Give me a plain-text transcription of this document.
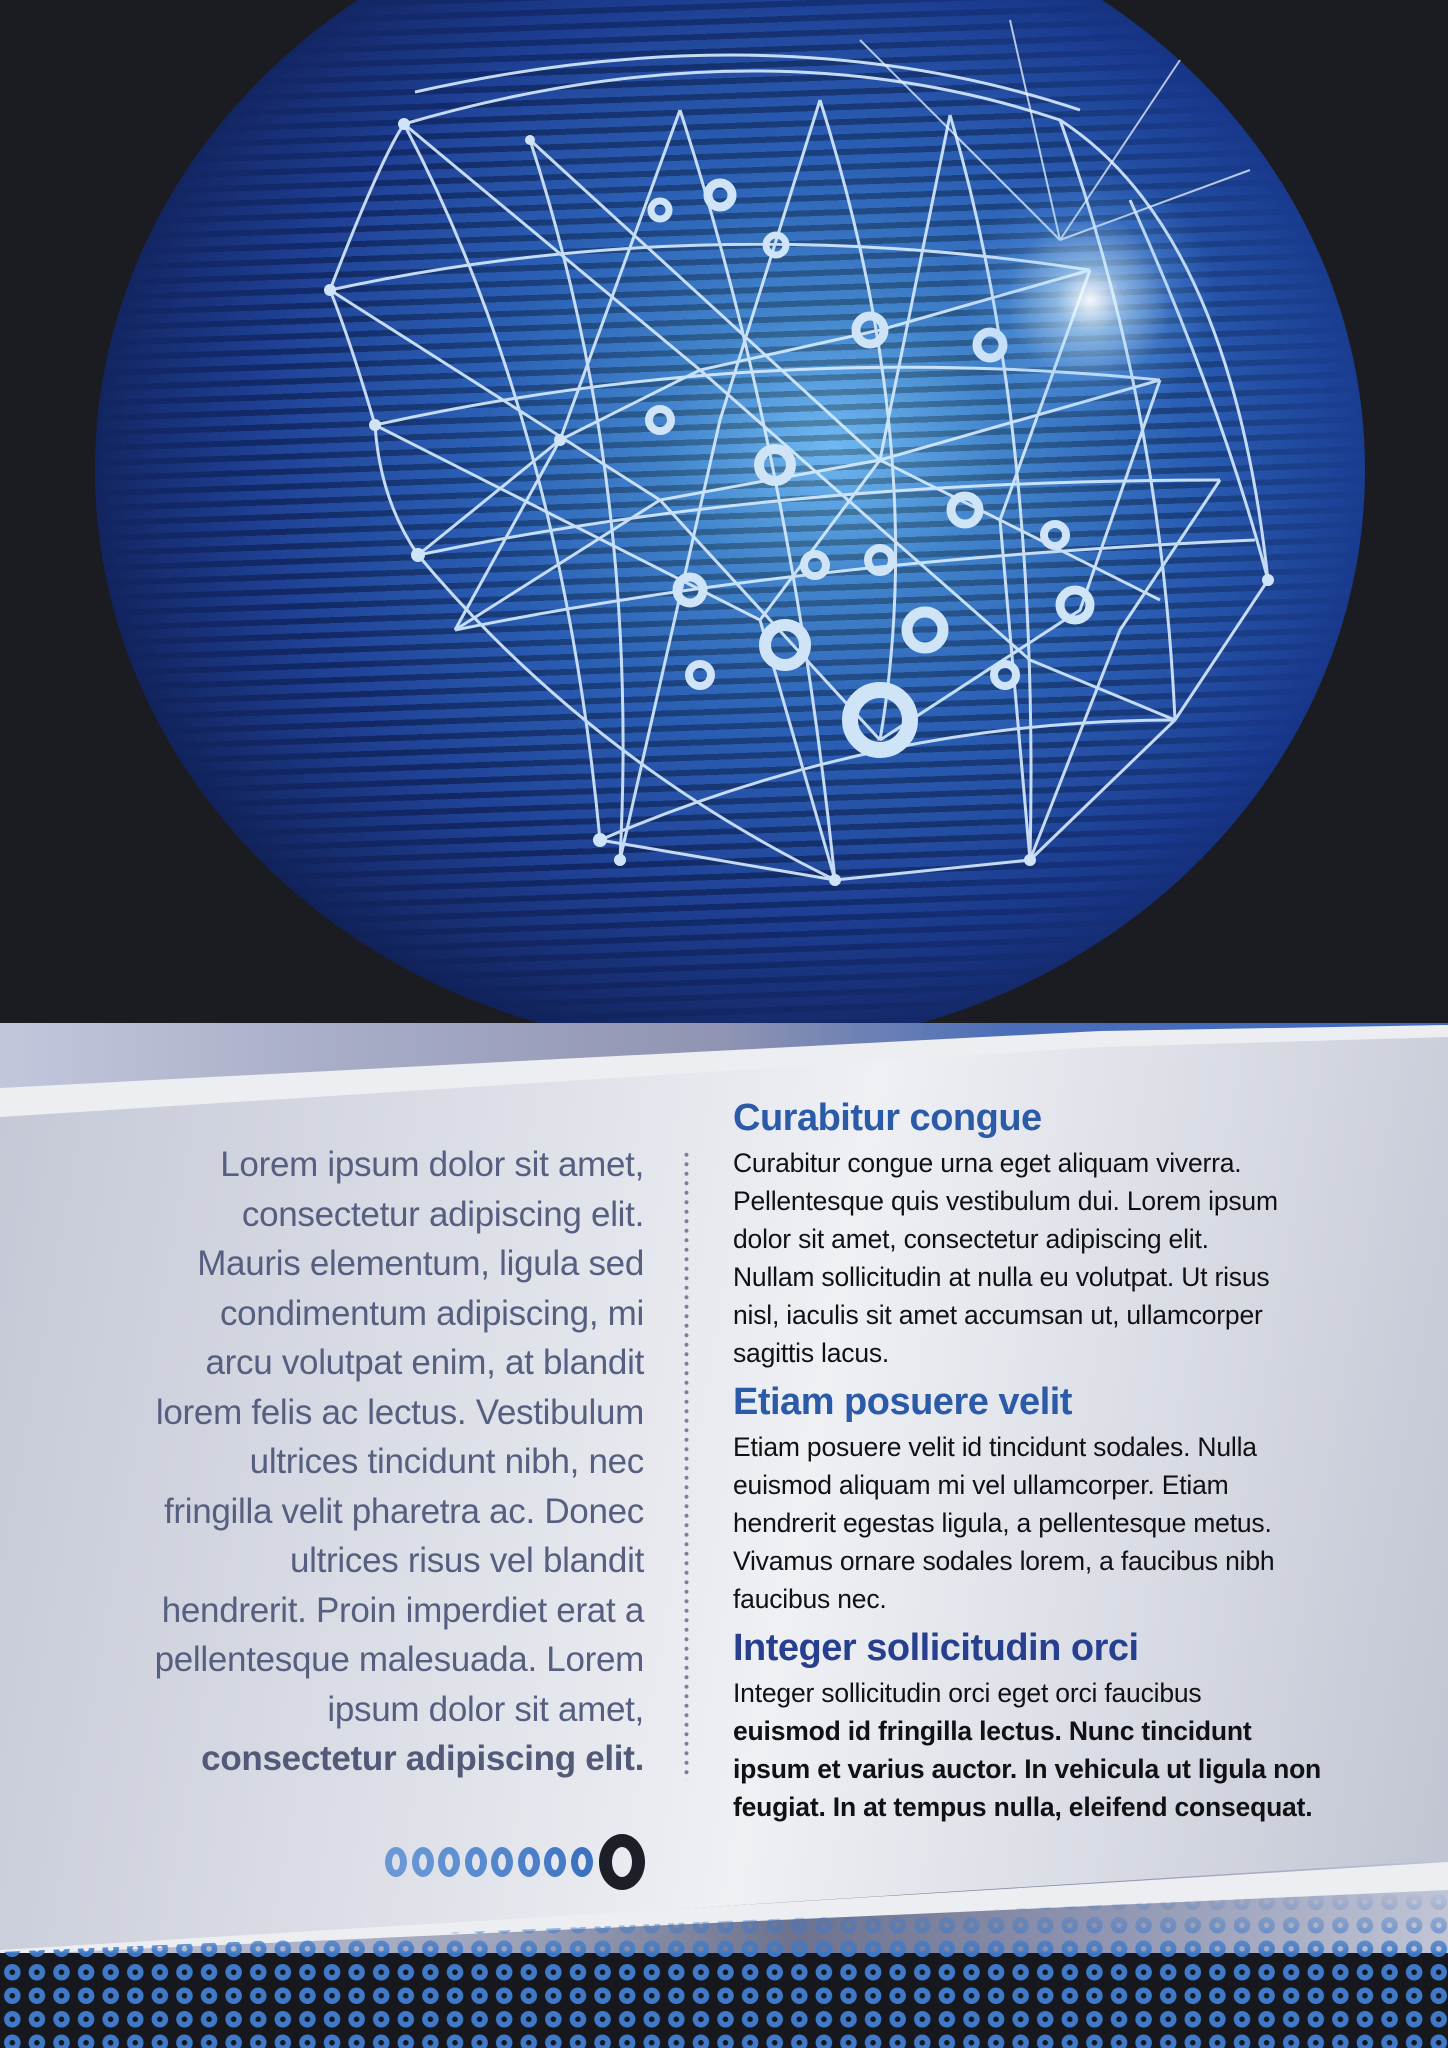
Lorem ipsum dolor sit amet,
consectetur adipiscing elit.
Mauris elementum, ligula sed
condimentum adipiscing, mi
arcu volutpat enim, at blandit
lorem felis ac lectus. Vestibulum
ultrices tincidunt nibh, nec
fringilla velit pharetra ac. Donec
ultrices risus vel blandit
hendrerit. Proin imperdiet erat a
pellentesque malesuada. Lorem
ipsum dolor sit amet,
consectetur adipiscing elit.
Curabitur congue

Curabitur congue urna eget aliquam viverra.
Pellentesque quis vestibulum dui. Lorem ipsum
dolor sit amet, consectetur adipiscing elit.
Nullam sollicitudin at nulla eu volutpat. Ut risus
nisl, iaculis sit amet accumsan ut, ullamcorper
sagittis lacus.

Etiam posuere velit

Etiam posuere velit id tincidunt sodales. Nulla
euismod aliquam mi vel ullamcorper. Etiam
hendrerit egestas ligula, a pellentesque metus.
Vivamus ornare sodales lorem, a faucibus nibh
faucibus nec.

Integer sollicitudin orci

Integer sollicitudin orci eget orci faucibus
euismod id fringilla lectus. Nunc tincidunt
ipsum et varius auctor. In vehicula ut ligula non
feugiat. In at tempus nulla, eleifend consequat.
